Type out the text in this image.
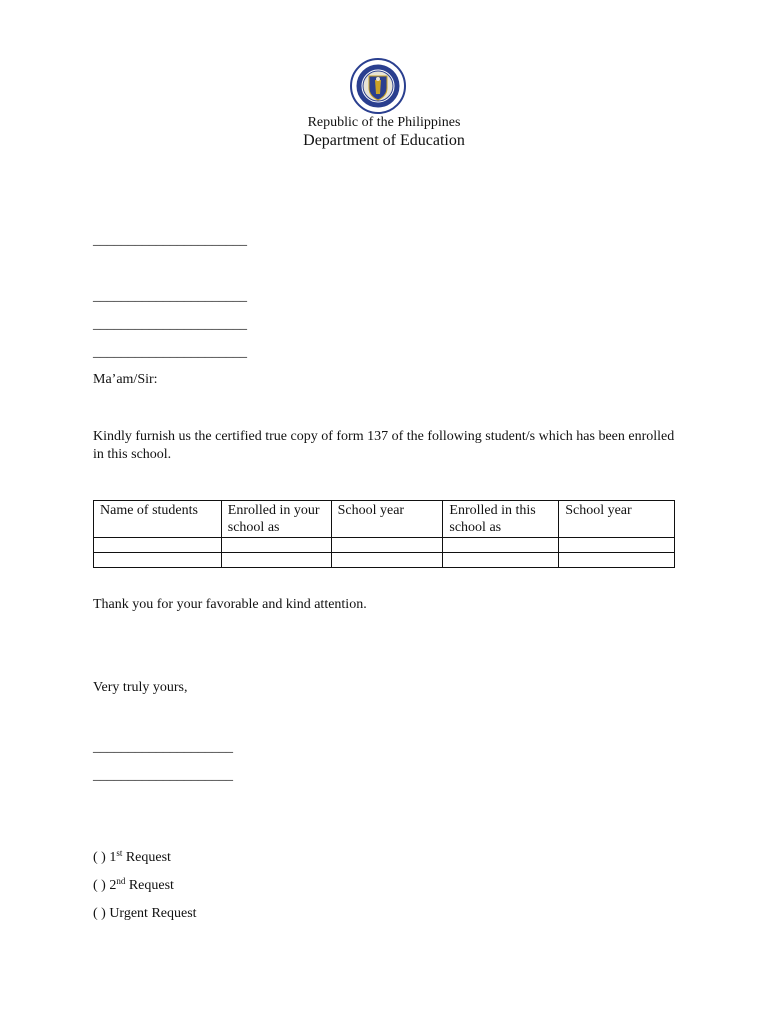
Republic of the Philippines
Department of Education
______________________
______________________
______________________
______________________
Ma’am/Sir:
Kindly furnish us the certified true copy of form 137 of the following student/s which has been enrolled in this school.
Name of students	Enrolled in your school as	School year	Enrolled in this school as	School year

Thank you for your favorable and kind attention.
Very truly yours,
____________________
____________________
( ) 1st Request
( ) 2nd Request
( ) Urgent Request
